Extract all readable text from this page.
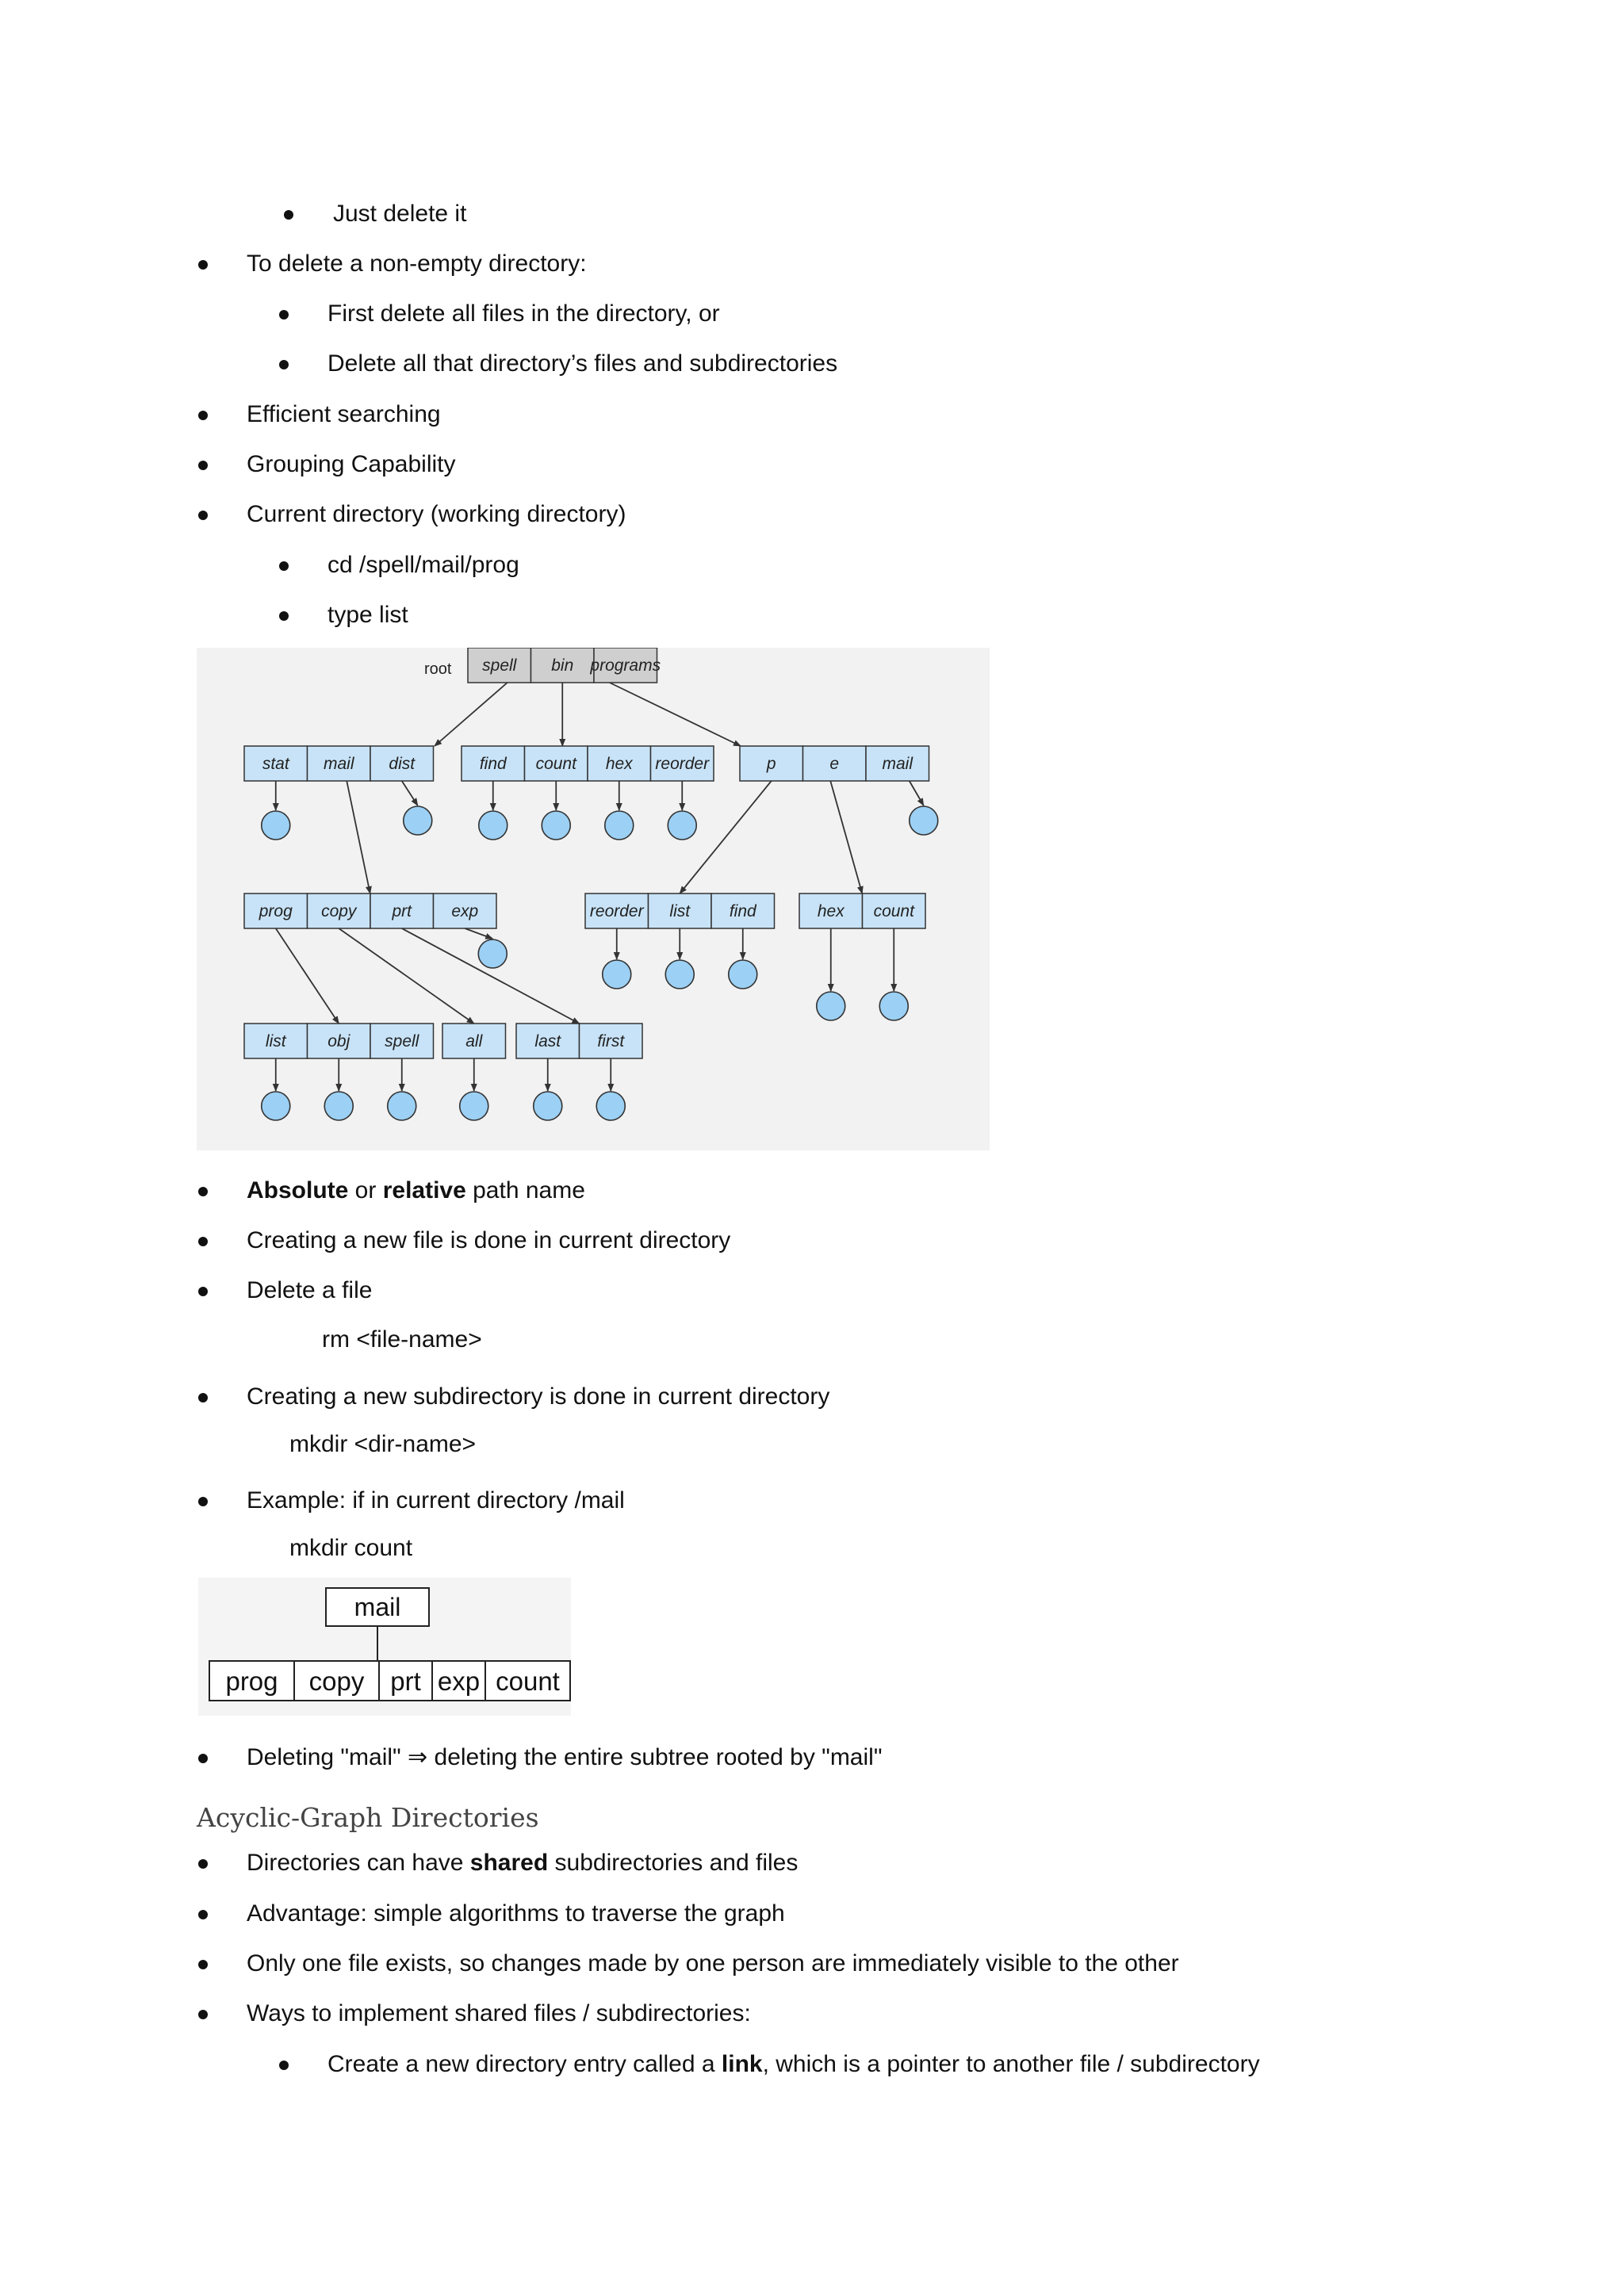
Just delete it
To delete a non-empty directory:
First delete all files in the directory, or
Delete all that directory’s files and subdirectories
Efficient searching
Grouping Capability
Current directory (working directory)
cd /spell/mail/prog
type list
root spell bin programs
stat mail dist	find count hex reorder	p	e	mail
prog copy prt exp	reorder list find	hex count
list	obj spell	all	last first
Absolute or relative path name
Creating a new file is done in current directory
Delete a file
rm <file-name>
Creating a new subdirectory is done in current directory
mkdir <dir-name>
Example: if in current directory /mail
mkdir count
mail
prog copy prt exp count
Deleting "mail" ⇒ deleting the entire subtree rooted by "mail"
Acyclic-Graph Directories
Directories can have shared subdirectories and files
Advantage: simple algorithms to traverse the graph
Only one file exists, so changes made by one person are immediately visible to the other
Ways to implement shared files / subdirectories:
Create a new directory entry called a link, which is a pointer to another file / subdirectory
